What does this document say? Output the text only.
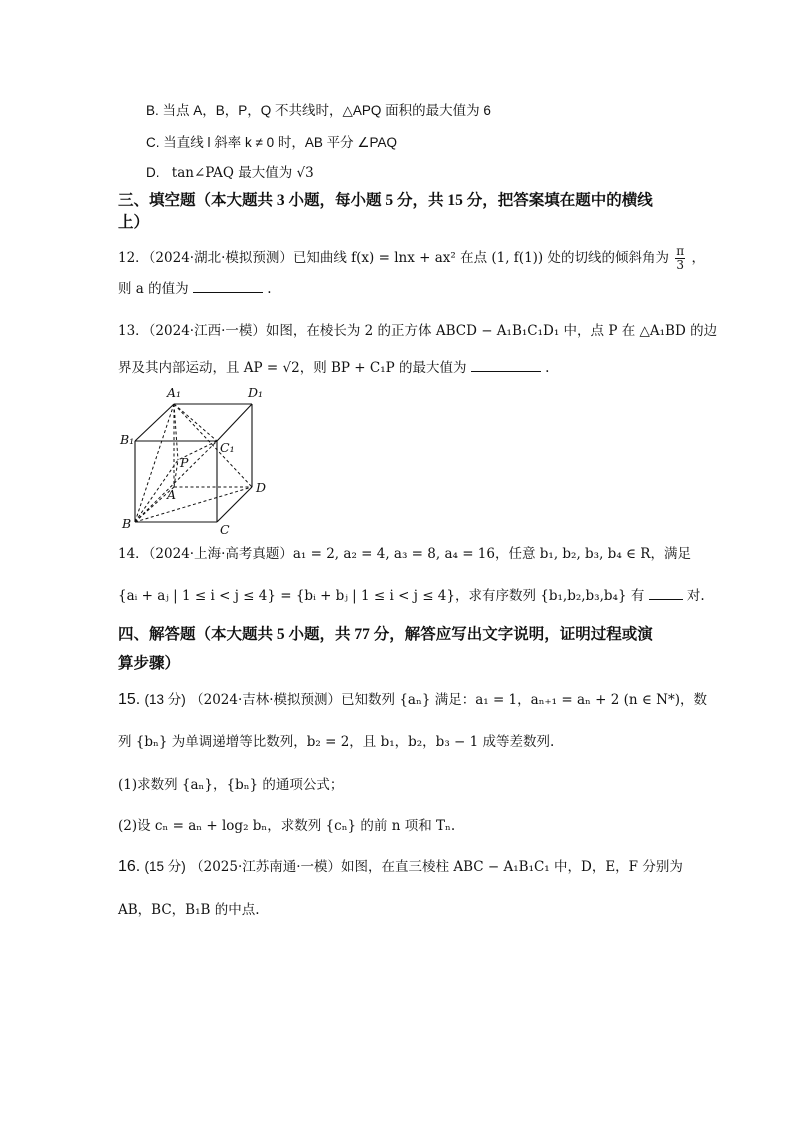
B. 当点 A，B，P，Q 不共线时，△APQ 面积的最大值为 6
C. 当直线 l 斜率 k ≠ 0 时，AB 平分 ∠PAQ
D. tan∠PAQ 最大值为 √3
三、填空题（本大题共 3 小题，每小题 5 分，共 15 分，把答案填在题中的横线
上）
12．（2024·湖北·模拟预测）已知曲线 f(x) = lnx + ax² 在点 (1, f(1)) 处的切线的倾斜角为 $\frac{\pi}{3}$ ，
则 a 的值为	.
13．（2024·江西·一模）如图，在棱长为 2 的正方体 ABCD − A₁B₁C₁D₁ 中，点 P 在 △A₁BD 的边
界及其内部运动，且 AP = √2，则 BP + C₁P 的最大值为	.
A₁	D₁
B₁
C₁
P
A	D
B	C
14．（2024·上海·高考真题）a₁ = 2, a₂ = 4, a₃ = 8, a₄ = 16，任意 b₁, b₂, b₃, b₄ ∈ R，满足
{aᵢ + aⱼ | 1 ≤ i < j ≤ 4} = {bᵢ + bⱼ | 1 ≤ i < j ≤ 4}，求有序数列 {b₁,b₂,b₃,b₄} 有	对.
四、解答题（本大题共 5 小题，共 77 分，解答应写出文字说明，证明过程或演
算步骤）
15. (13 分) （2024·吉林·模拟预测）已知数列 {aₙ} 满足：a₁ = 1，aₙ₊₁ = aₙ + 2 (n ∈ N*)，数
列 {bₙ} 为单调递增等比数列，b₂ = 2，且 b₁，b₂，b₃ − 1 成等差数列.
(1)求数列 {aₙ}，{bₙ} 的通项公式；
(2)设 cₙ = aₙ + log₂ bₙ，求数列 {cₙ} 的前 n 项和 Tₙ.
16. (15 分) （2025·江苏南通·一模）如图，在直三棱柱 ABC − A₁B₁C₁ 中，D，E，F 分别为
AB，BC，B₁B 的中点.
